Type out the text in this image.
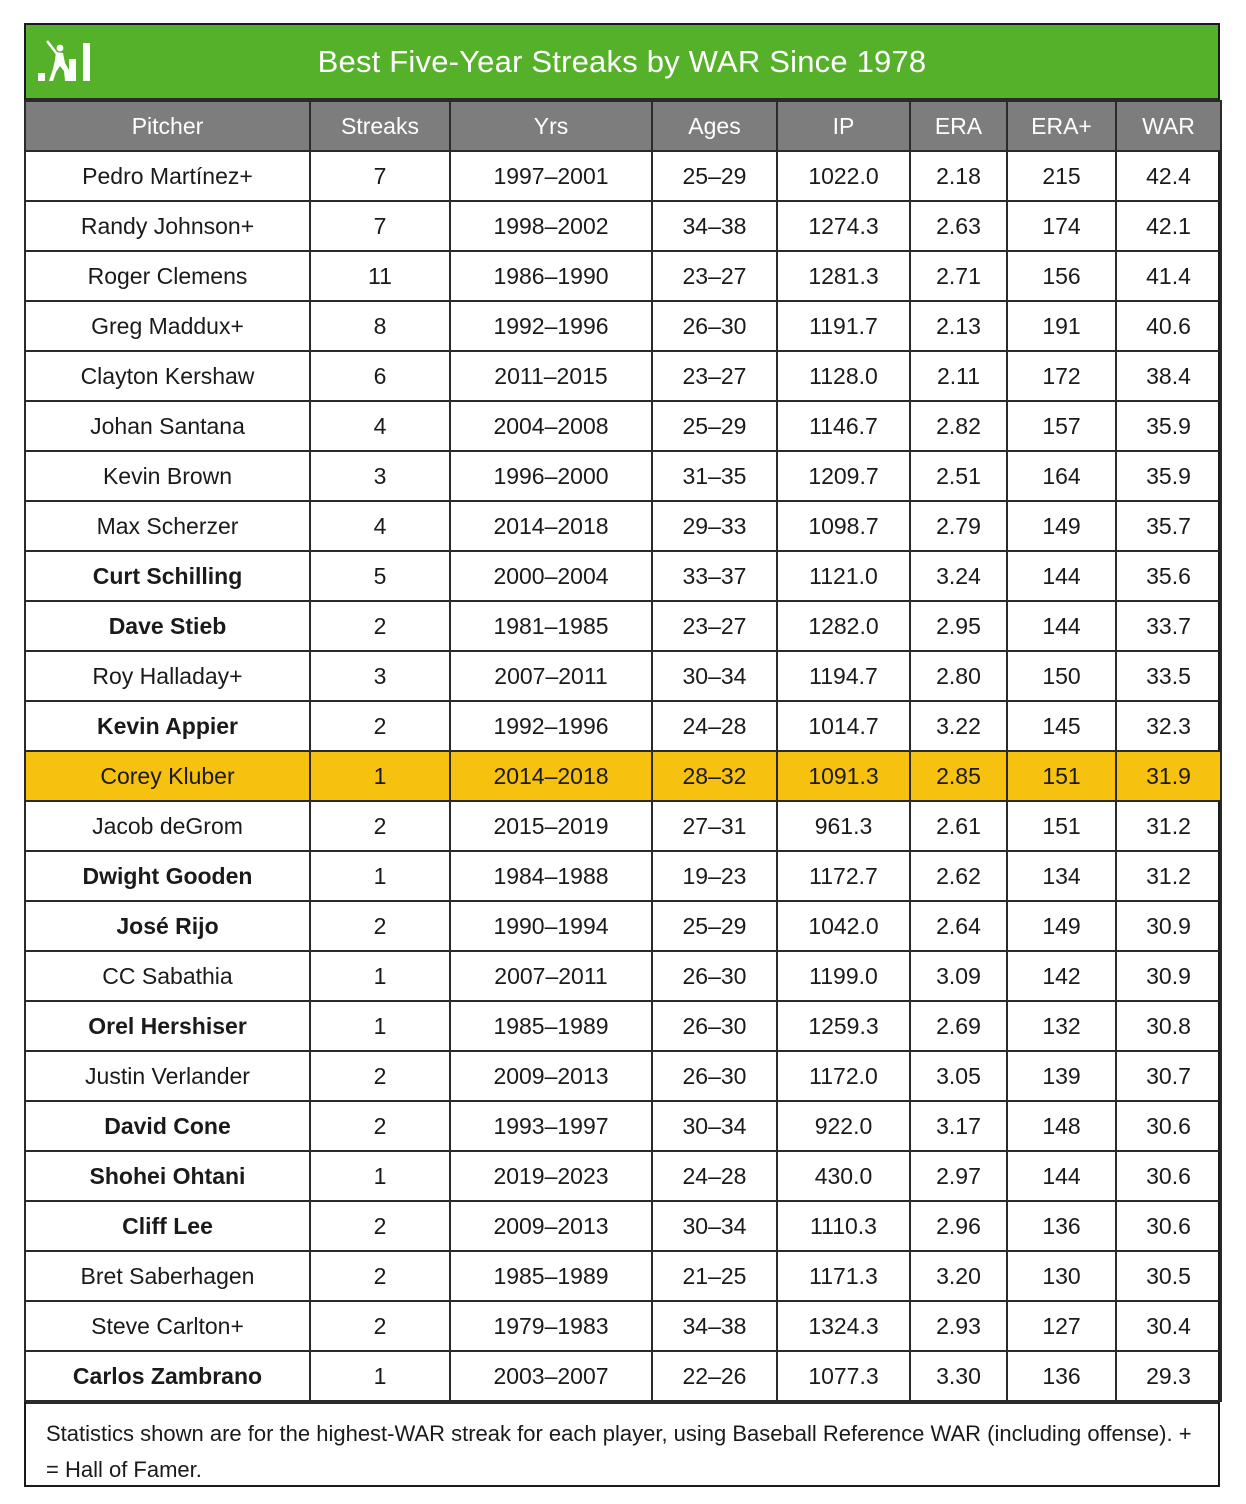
Best Five-Year Streaks by WAR Since 1978
Pitcher	Streaks	Yrs	Ages	IP	ERA	ERA+	WAR
Pedro Martínez+	7	1997–2001	25–29	1022.0	2.18	215	42.4
Randy Johnson+	7	1998–2002	34–38	1274.3	2.63	174	42.1
Roger Clemens	11	1986–1990	23–27	1281.3	2.71	156	41.4
Greg Maddux+	8	1992–1996	26–30	1191.7	2.13	191	40.6
Clayton Kershaw	6	2011–2015	23–27	1128.0	2.11	172	38.4
Johan Santana	4	2004–2008	25–29	1146.7	2.82	157	35.9
Kevin Brown	3	1996–2000	31–35	1209.7	2.51	164	35.9
Max Scherzer	4	2014–2018	29–33	1098.7	2.79	149	35.7
Curt Schilling	5	2000–2004	33–37	1121.0	3.24	144	35.6
Dave Stieb	2	1981–1985	23–27	1282.0	2.95	144	33.7
Roy Halladay+	3	2007–2011	30–34	1194.7	2.80	150	33.5
Kevin Appier	2	1992–1996	24–28	1014.7	3.22	145	32.3
Corey Kluber	1	2014–2018	28–32	1091.3	2.85	151	31.9
Jacob deGrom	2	2015–2019	27–31	961.3	2.61	151	31.2
Dwight Gooden	1	1984–1988	19–23	1172.7	2.62	134	31.2
José Rijo	2	1990–1994	25–29	1042.0	2.64	149	30.9
CC Sabathia	1	2007–2011	26–30	1199.0	3.09	142	30.9
Orel Hershiser	1	1985–1989	26–30	1259.3	2.69	132	30.8
Justin Verlander	2	2009–2013	26–30	1172.0	3.05	139	30.7
David Cone	2	1993–1997	30–34	922.0	3.17	148	30.6
Shohei Ohtani	1	2019–2023	24–28	430.0	2.97	144	30.6
Cliff Lee	2	2009–2013	30–34	1110.3	2.96	136	30.6
Bret Saberhagen	2	1985–1989	21–25	1171.3	3.20	130	30.5
Steve Carlton+	2	1979–1983	34–38	1324.3	2.93	127	30.4
Carlos Zambrano	1	2003–2007	22–26	1077.3	3.30	136	29.3
Statistics shown are for the highest-WAR streak for each player, using Baseball Reference WAR (including offense). + = Hall of Famer.
